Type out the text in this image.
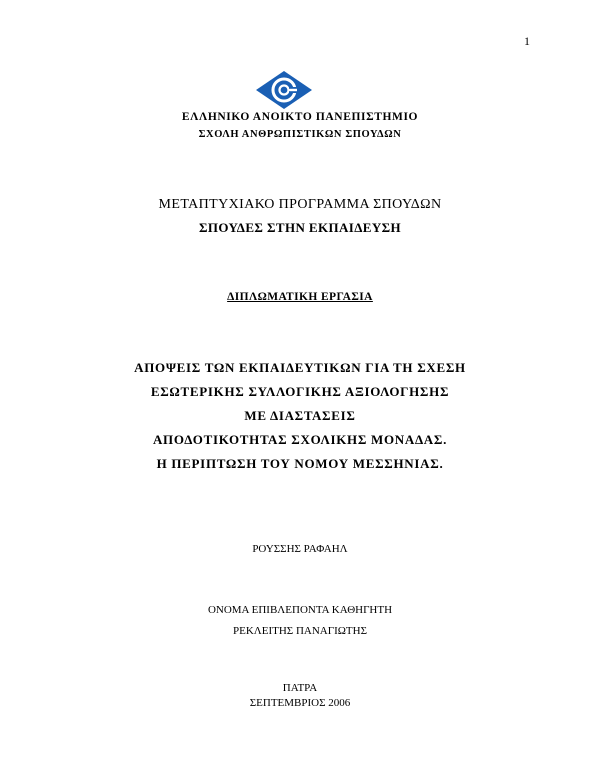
1
ΕΛΛΗΝΙΚΟ ΑΝΟΙΚΤΟ ΠΑΝΕΠΙΣΤΗΜΙΟ
ΣΧΟΛΗ ΑΝΘΡΩΠΙΣΤΙΚΩΝ ΣΠΟΥΔΩΝ
ΜΕΤΑΠΤΥΧΙΑΚΟ ΠΡΟΓΡΑΜΜΑ ΣΠΟΥΔΩΝ
ΣΠΟΥΔΕΣ ΣΤΗΝ ΕΚΠΑΙΔΕΥΣΗ
ΔΙΠΛΩΜΑΤΙΚΗ ΕΡΓΑΣΙΑ
ΑΠΟΨΕΙΣ ΤΩΝ ΕΚΠΑΙΔΕΥΤΙΚΩΝ ΓΙΑ ΤΗ ΣΧΕΣΗ
ΕΣΩΤΕΡΙΚΗΣ ΣΥΛΛΟΓΙΚΗΣ ΑΞΙΟΛΟΓΗΣΗΣ
ΜΕ ΔΙΑΣΤΑΣΕΙΣ
ΑΠΟΔΟΤΙΚΟΤΗΤΑΣ ΣΧΟΛΙΚΗΣ ΜΟΝΑΔΑΣ.
Η ΠΕΡΙΠΤΩΣΗ ΤΟΥ ΝΟΜΟΥ ΜΕΣΣΗΝΙΑΣ.
ΡΟΥΣΣΗΣ ΡΑΦΑΗΛ
ΟΝΟΜΑ ΕΠΙΒΛΕΠΟΝΤΑ ΚΑΘΗΓΗΤΗ
ΡΕΚΛΕΙΤΗΣ ΠΑΝΑΓΙΩΤΗΣ
ΠΑΤΡΑ
ΣΕΠΤΕΜΒΡΙΟΣ 2006
